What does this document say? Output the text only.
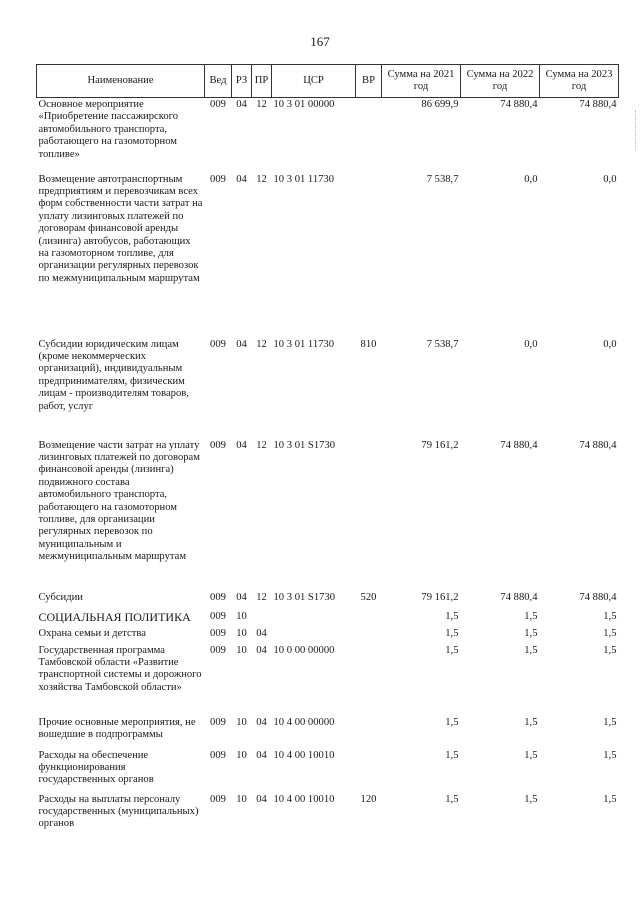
167
Наименование	Вед	РЗ	ПР	ЦСР	ВР	Сумма на 2021 год	Сумма на 2022 год	Сумма на 2023 год
Основное мероприятие «Приобретение пассажирского автомобильного транспорта, работающего на газомоторном топливе»	009	04	12	10 3 01 00000		86 699,9	74 880,4	74 880,4
Возмещение автотранспортным предприятиям и перевозчикам всех форм собственности части затрат на уплату лизинговых платежей по договорам финансовой аренды (лизинга) автобусов, работающих на газомоторном топливе, для организации регулярных перевозок по межмуниципальным маршрутам	009	04	12	10 3 01 11730		7 538,7	0,0	0,0
Субсидии юридическим лицам (кроме некоммерческих организаций), индивидуальным предпринимателям, физическим лицам - производителям товаров, работ, услуг	009	04	12	10 3 01 11730	810	7 538,7	0,0	0,0
Возмещение части затрат на уплату лизинговых платежей по договорам финансовой аренды (лизинга) подвижного состава автомобильного транспорта, работающего на газомоторном топливе, для организации регулярных перевозок по муниципальным и межмуниципальным маршрутам	009	04	12	10 3 01 S1730		79 161,2	74 880,4	74 880,4
Субсидии	009	04	12	10 3 01 S1730	520	79 161,2	74 880,4	74 880,4
СОЦИАЛЬНАЯ ПОЛИТИКА	009	10				1,5	1,5	1,5
Охрана семьи и детства	009	10	04			1,5	1,5	1,5
Государственная программа Тамбовской области «Развитие транспортной системы и дорожного хозяйства Тамбовской области»	009	10	04	10 0 00 00000		1,5	1,5	1,5
Прочие основные мероприятия, не вошедшие в подпрограммы	009	10	04	10 4 00 00000		1,5	1,5	1,5
Расходы на обеспечение функционирования государственных органов	009	10	04	10 4 00 10010		1,5	1,5	1,5
Расходы на выплаты персоналу государственных (муниципальных) органов	009	10	04	10 4 00 10010	120	1,5	1,5	1,5
